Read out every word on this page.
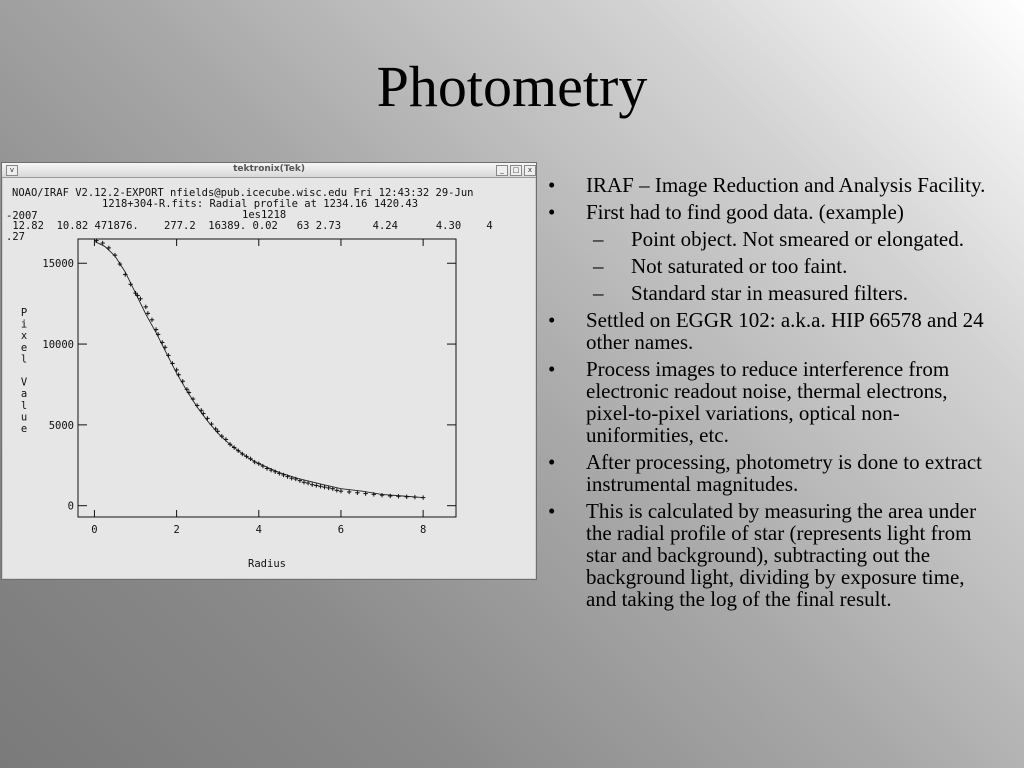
Photometry
v	tektronix(Tek)	_	□	x
NOAO/IRAF V2.12.2-EXPORT nfields@pub.icecube.wisc.edu Fri 12:43:32 29-Jun
-2007
1218+304-R.fits: Radial profile at 1234.16 1420.43
1es1218
12.82  10.82 471876.    277.2  16389. 0.02   63 2.73     4.24      4.30    4
.27
0	2	4	6	8
0
5000
10000
15000
Radius
P
i
x
e
l
V
a
l
u
e
• IRAF – Image Reduction and Analysis Facility.
• First had to find good data. (example)
– Point object. Not smeared or elongated.
– Not saturated or too faint.
– Standard star in measured filters.
• Settled on EGGR 102: a.k.a. HIP 66578 and 24 other names.
• Process images to reduce interference from electronic readout noise, thermal electrons, pixel-to-pixel variations, optical non-uniformities, etc.
• After processing, photometry is done to extract instrumental magnitudes.
• This is calculated by measuring the area under the radial profile of star (represents light from star and background), subtracting out the background light, dividing by exposure time, and taking the log of the final result.
